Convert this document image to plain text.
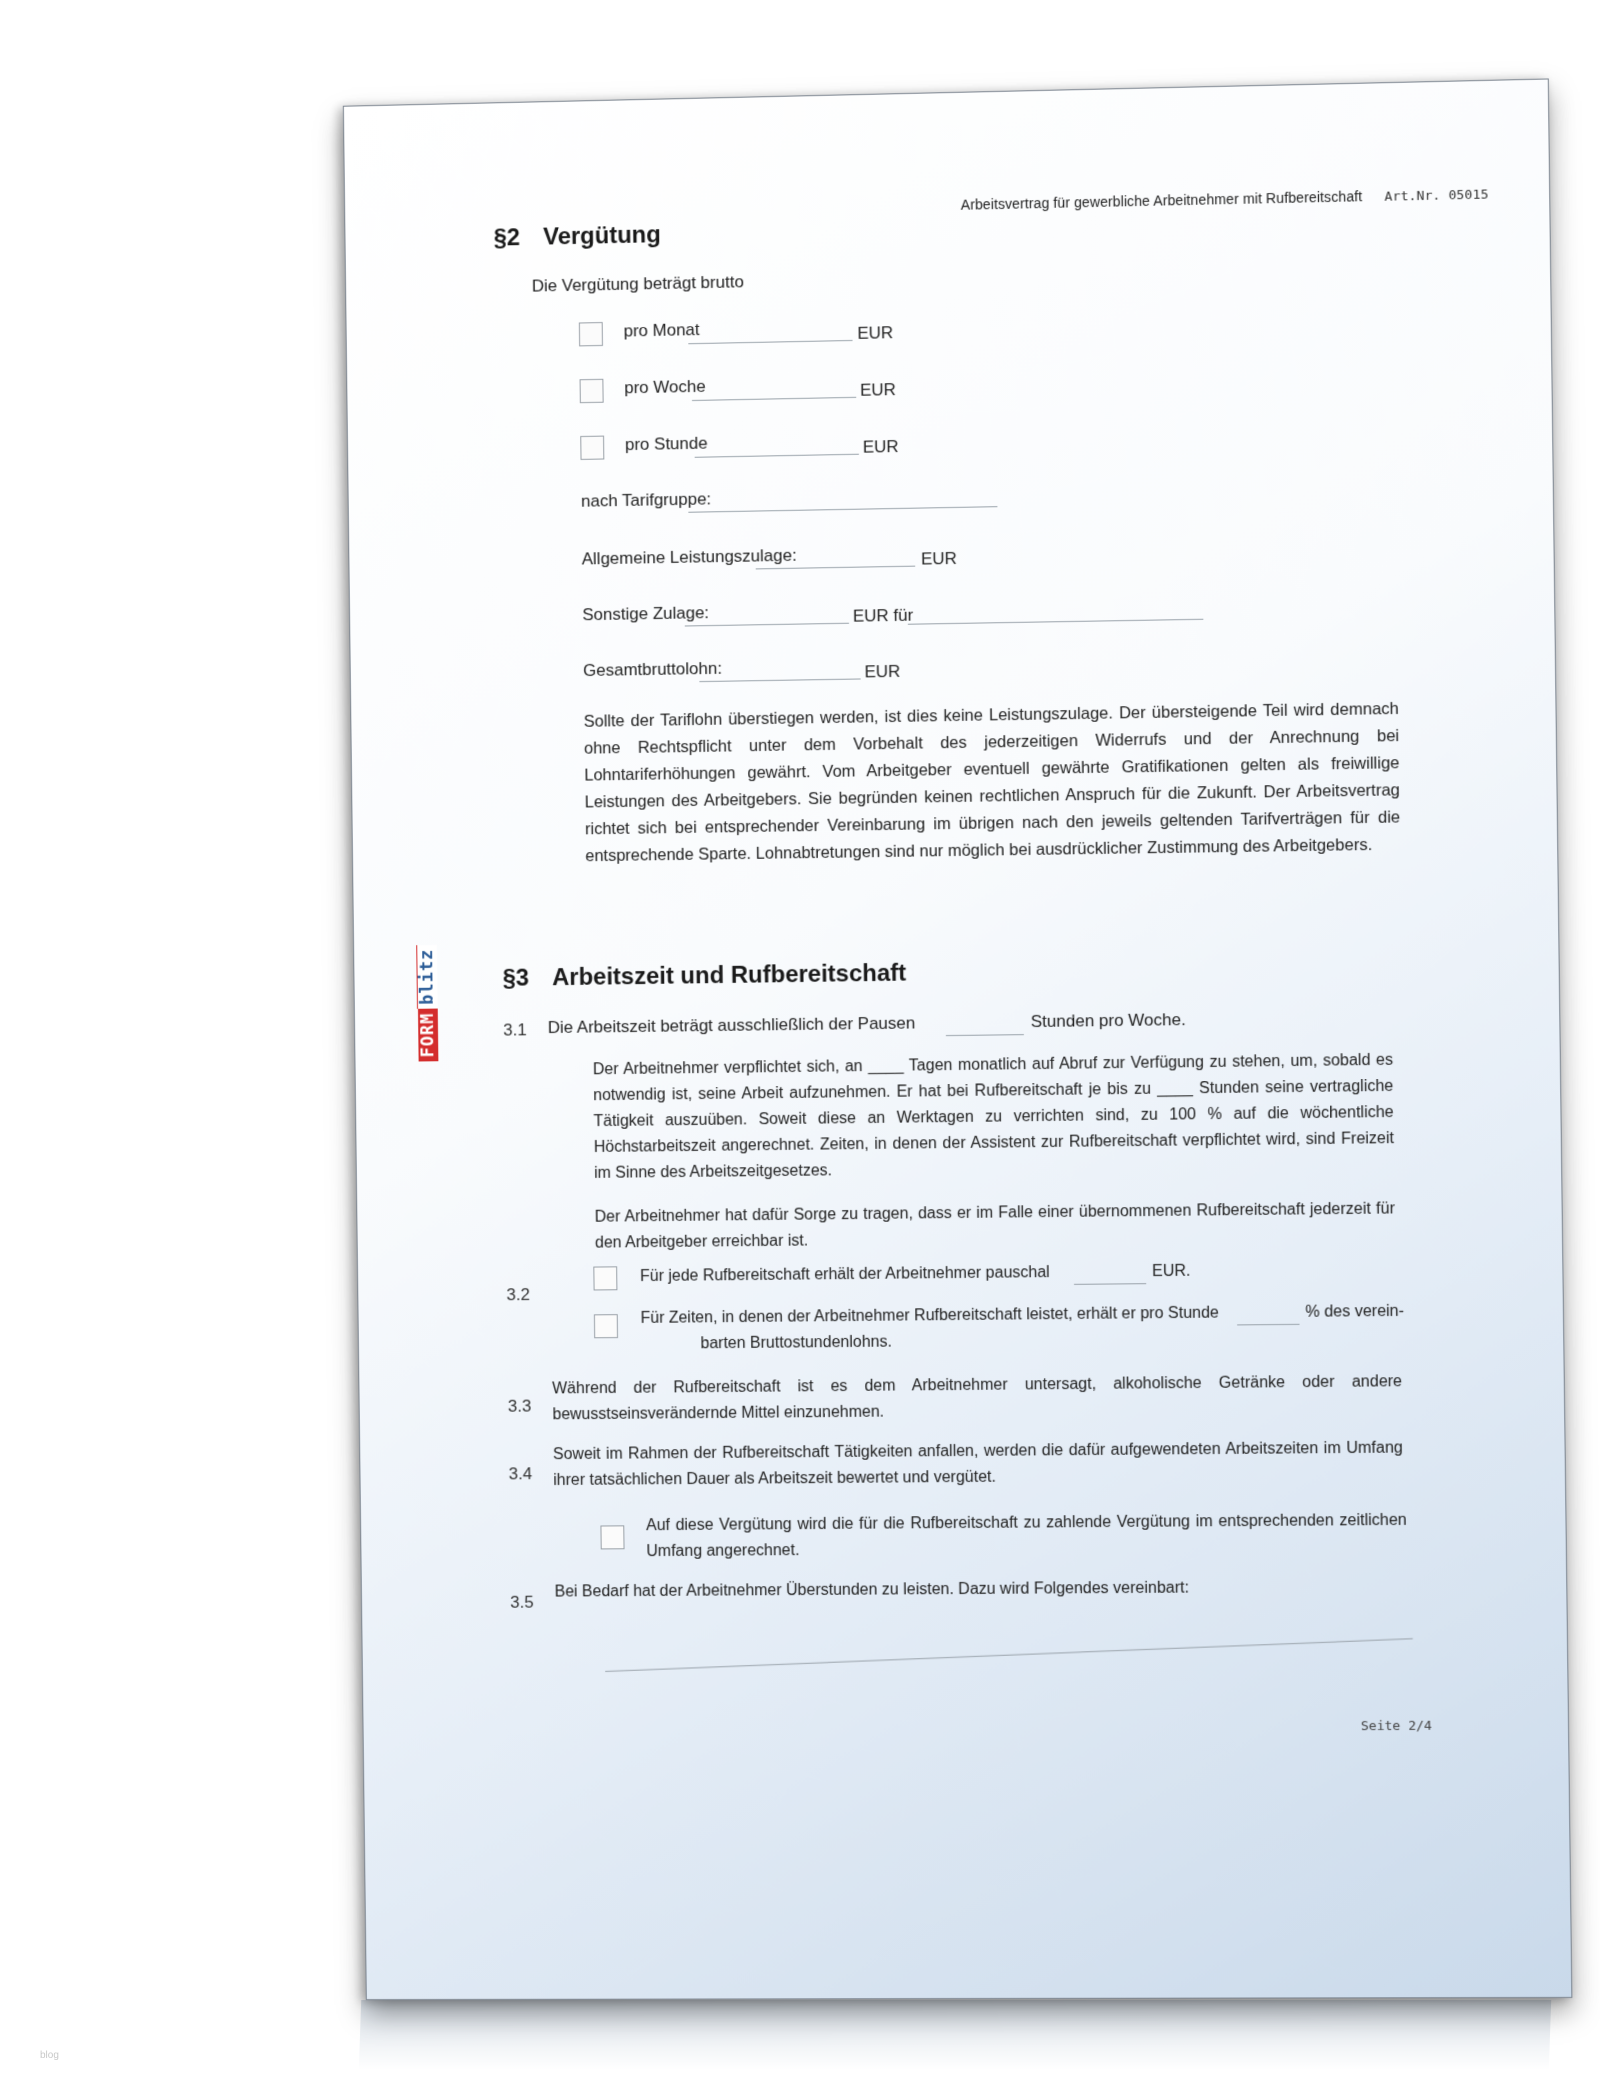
Arbeitsvertrag für gewerbliche Arbeitnehmer mit Rufbereitschaft Art.Nr. 05015
FORM
blitz
§2 Vergütung
Die Vergütung beträgt brutto
pro Monat	EUR
pro Woche	EUR
pro Stunde	EUR
nach Tarifgruppe:
Allgemeine Leistungszulage:	EUR
Sonstige Zulage:	EUR für
Gesamtbruttolohn:	EUR
Sollte der Tariflohn überstiegen werden, ist dies keine Leistungszulage. Der übersteigende Teil wird demnach ohne Rechtspflicht unter dem Vorbehalt des jederzeitigen Widerrufs und der Anrechnung bei Lohntariferhöhungen gewährt. Vom Arbeitgeber eventuell gewährte Gratifikationen gelten als freiwillige Leistungen des Arbeitgebers. Sie begründen keinen rechtlichen Anspruch für die Zukunft. Der Arbeitsvertrag richtet sich bei entsprechender Vereinbarung im übrigen nach den jeweils geltenden Tarifverträgen für die entsprechende Sparte. Lohnabtretungen sind nur möglich bei ausdrücklicher Zustimmung des Arbeitgebers.
§3 Arbeitszeit und Rufbereitschaft
3.1 Die Arbeitszeit beträgt ausschließlich der Pausen	Stunden pro Woche.
Der Arbeitnehmer verpflichtet sich, an ____ Tagen monatlich auf Abruf zur Verfügung zu stehen, um, sobald es notwendig ist, seine Arbeit aufzunehmen. Er hat bei Rufbereitschaft je bis zu ____ Stunden seine vertragliche Tätigkeit auszuüben. Soweit diese an Werktagen zu verrichten sind, zu 100 % auf die wöchentliche Höchstarbeitszeit angerechnet. Zeiten, in denen der Assistent zur Rufbereitschaft verpflichtet wird, sind Freizeit im Sinne des Arbeitszeitgesetzes.
Der Arbeitnehmer hat dafür Sorge zu tragen, dass er im Falle einer übernommenen Rufbereitschaft jederzeit für den Arbeitgeber erreichbar ist.
3.2
Für jede Rufbereitschaft erhält der Arbeitnehmer pauschal	EUR.
Für Zeiten, in denen der Arbeitnehmer Rufbereitschaft leistet, erhält er pro Stunde	% des verein-
barten Bruttostundenlohns.
3.3
Während der Rufbereitschaft ist es dem Arbeitnehmer untersagt, alkoholische Getränke oder andere bewusstseinsverändernde Mittel einzunehmen.
3.4
Soweit im Rahmen der Rufbereitschaft Tätigkeiten anfallen, werden die dafür aufgewendeten Arbeitszeiten im Umfang ihrer tatsächlichen Dauer als Arbeitszeit bewertet und vergütet.
Auf diese Vergütung wird die für die Rufbereitschaft zu zahlende Vergütung im entsprechenden zeitlichen Umfang angerechnet.
3.5
Bei Bedarf hat der Arbeitnehmer Überstunden zu leisten. Dazu wird Folgendes vereinbart:
Seite 2/4
blog
